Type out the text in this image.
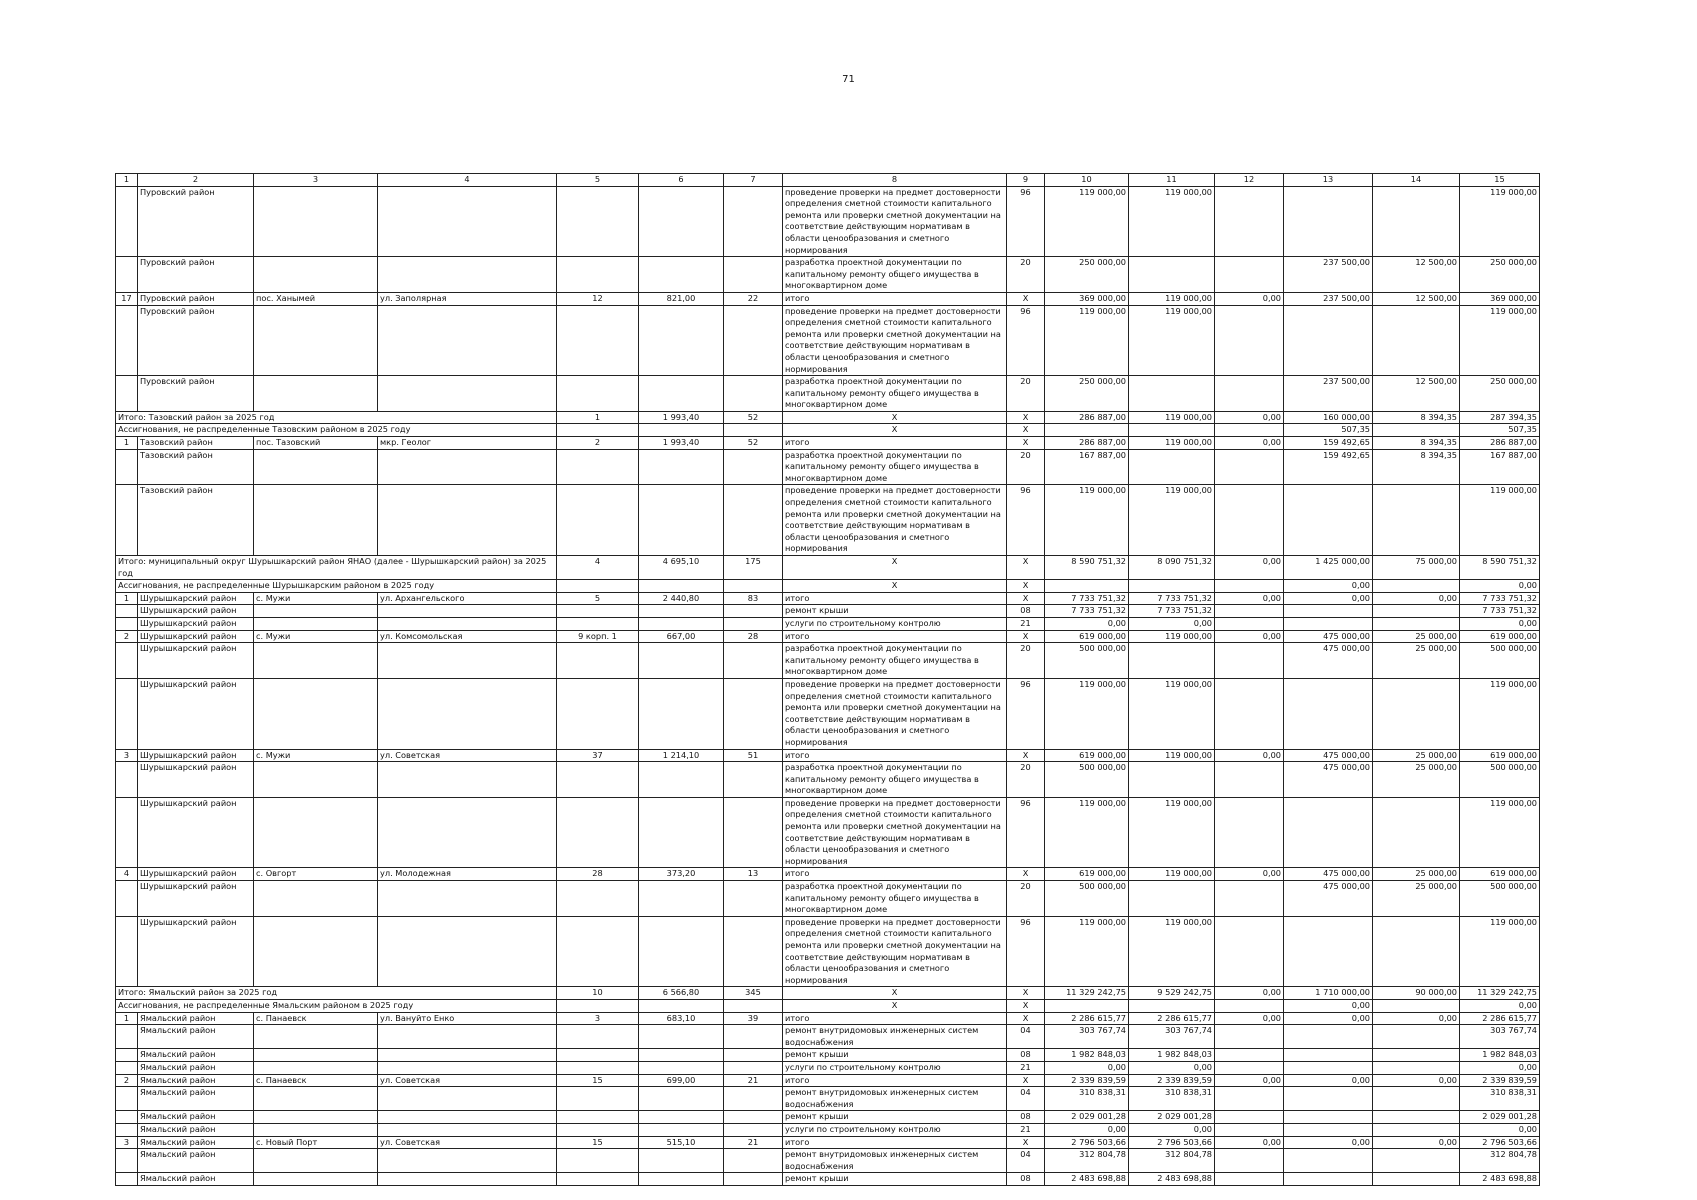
71
1	2	3	4	5	6	7	8	9	10	11	12	13	14	15
	Пуровский район						проведение проверки на предмет достоверности определения сметной стоимости капитального ремонта или проверки сметной документации на соответствие действующим нормативам в области ценообразования и сметного нормирования	96	119 000,00	119 000,00				119 000,00
	Пуровский район						разработка проектной документации по капитальному ремонту общего имущества в многоквартирном доме	20	250 000,00			237 500,00	12 500,00	250 000,00
17	Пуровский район	пос. Ханымей	ул. Заполярная	12	821,00	22	итого	Х	369 000,00	119 000,00	0,00	237 500,00	12 500,00	369 000,00
	Пуровский район						проведение проверки на предмет достоверности определения сметной стоимости капитального ремонта или проверки сметной документации на соответствие действующим нормативам в области ценообразования и сметного нормирования	96	119 000,00	119 000,00				119 000,00
	Пуровский район						разработка проектной документации по капитальному ремонту общего имущества в многоквартирном доме	20	250 000,00			237 500,00	12 500,00	250 000,00
Итого: Тазовский район за 2025 год				1	1 993,40	52	Х	Х	286 887,00	119 000,00	0,00	160 000,00	8 394,35	287 394,35
Ассигнования, не распределенные Тазовским районом в 2025 году							Х	Х				507,35		507,35
1	Тазовский район	пос. Тазовский	мкр. Геолог	2	1 993,40	52	итого	Х	286 887,00	119 000,00	0,00	159 492,65	8 394,35	286 887,00
	Тазовский район						разработка проектной документации по капитальному ремонту общего имущества в многоквартирном доме	20	167 887,00			159 492,65	8 394,35	167 887,00
	Тазовский район						проведение проверки на предмет достоверности определения сметной стоимости капитального ремонта или проверки сметной документации на соответствие действующим нормативам в области ценообразования и сметного нормирования	96	119 000,00	119 000,00				119 000,00
Итого: муниципальный округ Шурышкарский район ЯНАО (далее - Шурышкарский район) за 2025 год				4	4 695,10	175	Х	Х	8 590 751,32	8 090 751,32	0,00	1 425 000,00	75 000,00	8 590 751,32
Ассигнования, не распределенные Шурышкарским районом в 2025 году							Х	Х				0,00		0,00
1	Шурышкарский район	с. Мужи	ул. Архангельского	5	2 440,80	83	итого	Х	7 733 751,32	7 733 751,32	0,00	0,00	0,00	7 733 751,32
	Шурышкарский район						ремонт крыши	08	7 733 751,32	7 733 751,32				7 733 751,32
	Шурышкарский район						услуги по строительному контролю	21	0,00	0,00				0,00
2	Шурышкарский район	с. Мужи	ул. Комсомольская	9 корп. 1	667,00	28	итого	Х	619 000,00	119 000,00	0,00	475 000,00	25 000,00	619 000,00
	Шурышкарский район						разработка проектной документации по капитальному ремонту общего имущества в многоквартирном доме	20	500 000,00			475 000,00	25 000,00	500 000,00
	Шурышкарский район						проведение проверки на предмет достоверности определения сметной стоимости капитального ремонта или проверки сметной документации на соответствие действующим нормативам в области ценообразования и сметного нормирования	96	119 000,00	119 000,00				119 000,00
3	Шурышкарский район	с. Мужи	ул. Советская	37	1 214,10	51	итого	Х	619 000,00	119 000,00	0,00	475 000,00	25 000,00	619 000,00
	Шурышкарский район						разработка проектной документации по капитальному ремонту общего имущества в многоквартирном доме	20	500 000,00			475 000,00	25 000,00	500 000,00
	Шурышкарский район						проведение проверки на предмет достоверности определения сметной стоимости капитального ремонта или проверки сметной документации на соответствие действующим нормативам в области ценообразования и сметного нормирования	96	119 000,00	119 000,00				119 000,00
4	Шурышкарский район	с. Овгорт	ул. Молодежная	28	373,20	13	итого	Х	619 000,00	119 000,00	0,00	475 000,00	25 000,00	619 000,00
	Шурышкарский район						разработка проектной документации по капитальному ремонту общего имущества в многоквартирном доме	20	500 000,00			475 000,00	25 000,00	500 000,00
	Шурышкарский район						проведение проверки на предмет достоверности определения сметной стоимости капитального ремонта или проверки сметной документации на соответствие действующим нормативам в области ценообразования и сметного нормирования	96	119 000,00	119 000,00				119 000,00
Итого: Ямальский район за 2025 год				10	6 566,80	345	Х	Х	11 329 242,75	9 529 242,75	0,00	1 710 000,00	90 000,00	11 329 242,75
Ассигнования, не распределенные Ямальским районом в 2025 году							Х	Х				0,00		0,00
1	Ямальский район	с. Панаевск	ул. Вануйто Енко	3	683,10	39	итого	Х	2 286 615,77	2 286 615,77	0,00	0,00	0,00	2 286 615,77
	Ямальский район						ремонт внутридомовых инженерных систем водоснабжения	04	303 767,74	303 767,74				303 767,74
	Ямальский район						ремонт крыши	08	1 982 848,03	1 982 848,03				1 982 848,03
	Ямальский район						услуги по строительному контролю	21	0,00	0,00				0,00
2	Ямальский район	с. Панаевск	ул. Советская	15	699,00	21	итого	Х	2 339 839,59	2 339 839,59	0,00	0,00	0,00	2 339 839,59
	Ямальский район						ремонт внутридомовых инженерных систем водоснабжения	04	310 838,31	310 838,31				310 838,31
	Ямальский район						ремонт крыши	08	2 029 001,28	2 029 001,28				2 029 001,28
	Ямальский район						услуги по строительному контролю	21	0,00	0,00				0,00
3	Ямальский район	с. Новый Порт	ул. Советская	15	515,10	21	итого	Х	2 796 503,66	2 796 503,66	0,00	0,00	0,00	2 796 503,66
	Ямальский район						ремонт внутридомовых инженерных систем водоснабжения	04	312 804,78	312 804,78				312 804,78
	Ямальский район						ремонт крыши	08	2 483 698,88	2 483 698,88				2 483 698,88
